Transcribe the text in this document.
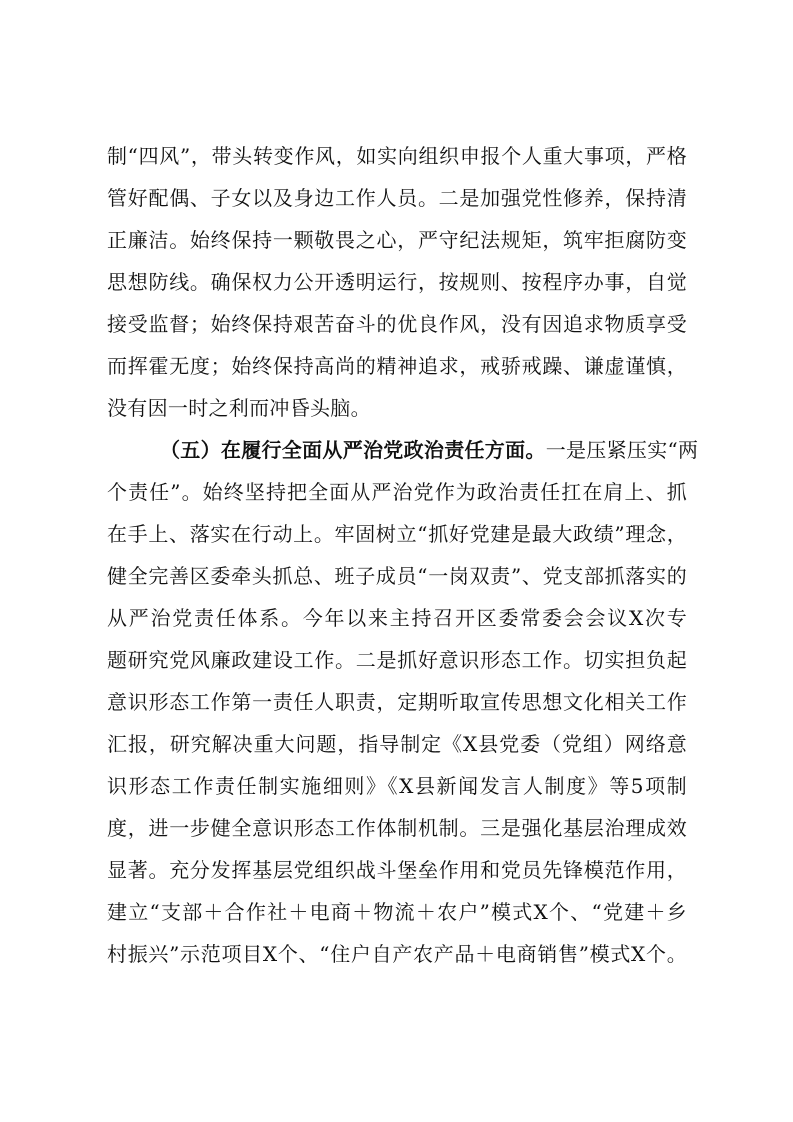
制“四风”，带头转变作风，如实向组织申报个人重大事项，严格
管好配偶、子女以及身边工作人员。二是加强党性修养，保持清
正廉洁。始终保持一颗敬畏之心，严守纪法规矩，筑牢拒腐防变
思想防线。确保权力公开透明运行，按规则、按程序办事，自觉
接受监督；始终保持艰苦奋斗的优良作风，没有因追求物质享受
而挥霍无度；始终保持高尚的精神追求，戒骄戒躁、谦虚谨慎，
没有因一时之利而冲昏头脑。
（五）在履行全面从严治党政治责任方面。一是压紧压实“两
个责任”。始终坚持把全面从严治党作为政治责任扛在肩上、抓
在手上、落实在行动上。牢固树立“抓好党建是最大政绩”理念，
健全完善区委牵头抓总、班子成员“一岗双责”、党支部抓落实的
从严治党责任体系。今年以来主持召开区委常委会会议X次专
题研究党风廉政建设工作。二是抓好意识形态工作。切实担负起
意识形态工作第一责任人职责，定期听取宣传思想文化相关工作
汇报，研究解决重大问题，指导制定《X县党委（党组）网络意
识形态工作责任制实施细则》《X县新闻发言人制度》等5项制
度，进一步健全意识形态工作体制机制。三是强化基层治理成效
显著。充分发挥基层党组织战斗堡垒作用和党员先锋模范作用，
建立“支部＋合作社＋电商＋物流＋农户”模式X个、“党建＋乡
村振兴”示范项目X个、“住户自产农产品＋电商销售”模式X个。
